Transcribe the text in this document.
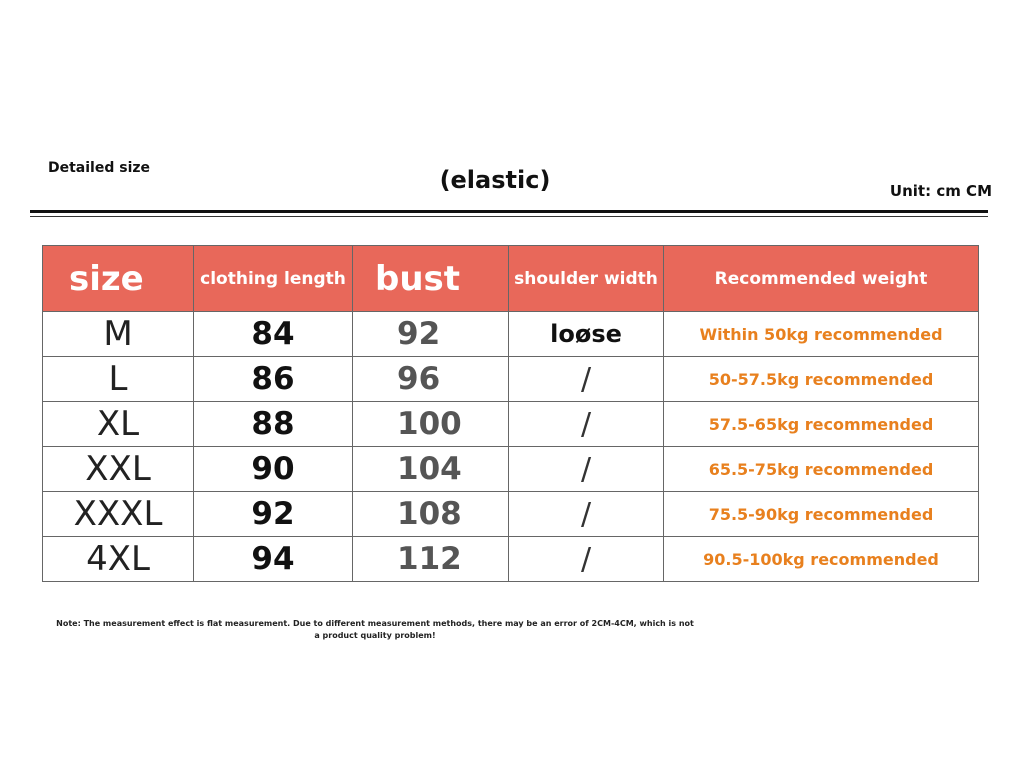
Detailed size	(elastic)	Unit: cm CM
size	clothing length	bust	shoulder width	Recommended weight
M	84	92	loøse	Within 50kg recommended
L	86	96	/	50-57.5kg recommended
XL	88	100	/	57.5-65kg recommended
XXL	90	104	/	65.5-75kg recommended
XXXL	92	108	/	75.5-90kg recommended
4XL	94	112	/	90.5-100kg recommended
Note: The measurement effect is flat measurement. Due to different measurement methods, there may be an error of 2CM-4CM, which is not a product quality problem!
